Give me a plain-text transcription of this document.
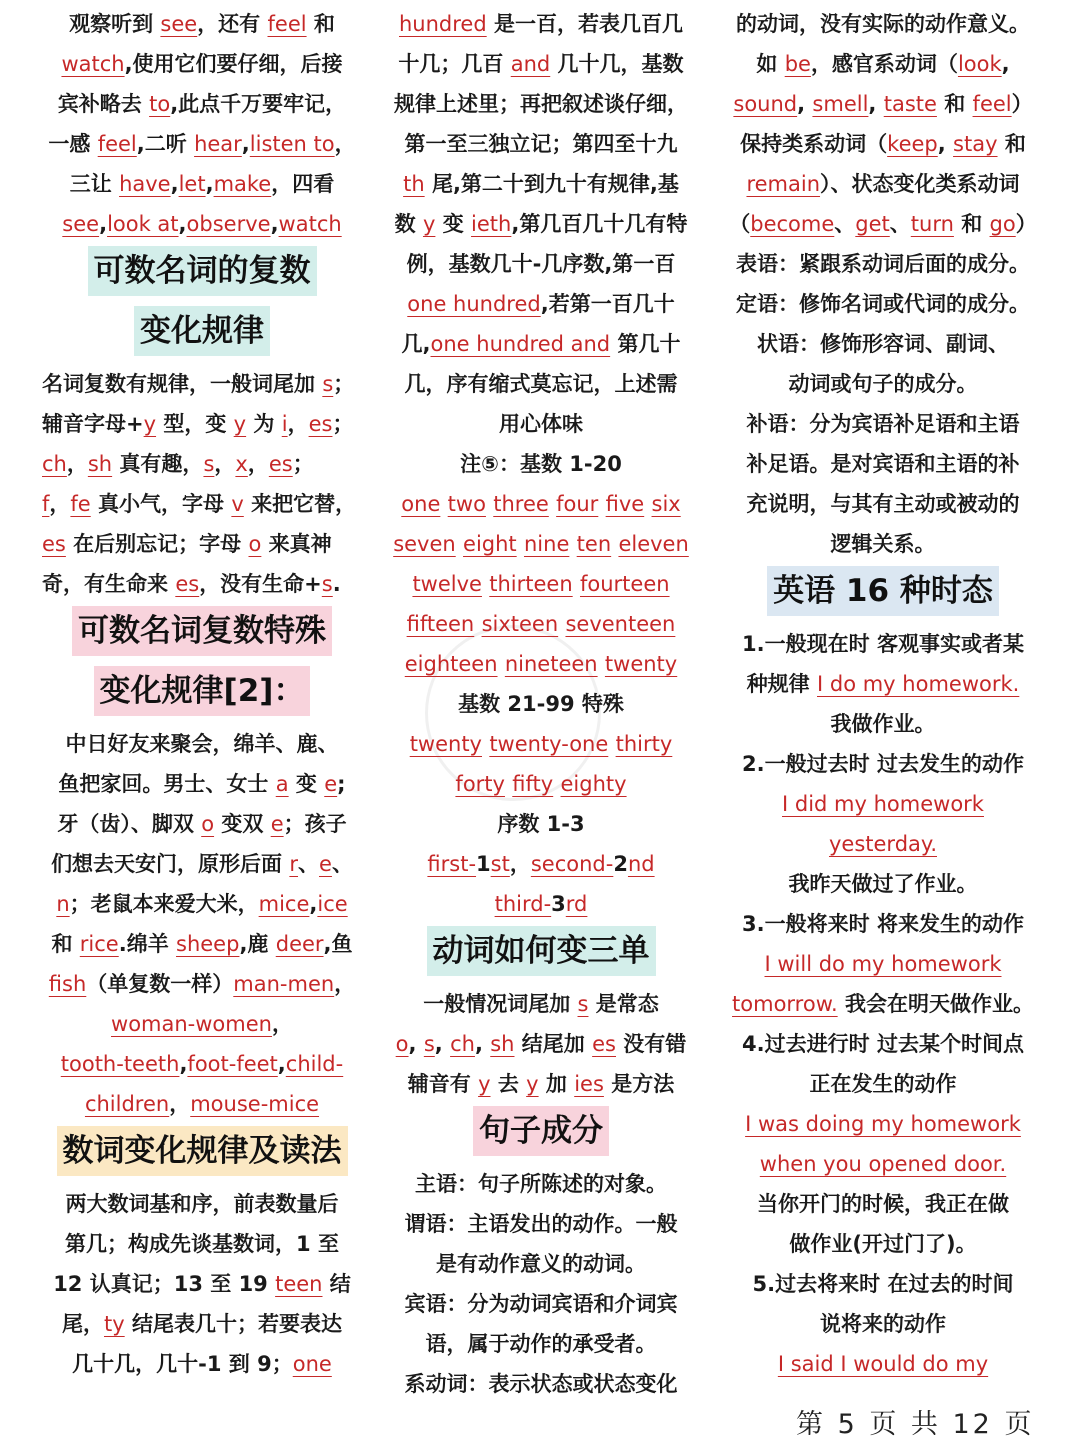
观察听到 see，还有 feel 和
watch,使用它们要仔细，后接
宾补略去 to,此点千万要牢记，
一感 feel,二听 hear,listen to，
三让 have,let,make，四看
see,look at,observe,watch
可数名词的复数
变化规律
名词复数有规律，一般词尾加 s；
辅音字母+y 型，变 y 为 i，es；
ch，sh 真有趣，s，x，es；
f，fe 真小气，字母 v 来把它替，
es 在后别忘记；字母 o 来真神
奇，有生命来 es，没有生命+s.
可数名词复数特殊
变化规律[2]：
中日好友来聚会，绵羊、鹿、
鱼把家回。男士、女士 a 变 e;
牙（齿）、脚双 o 变双 e；孩子
们想去天安门，原形后面 r、e、
n；老鼠本来爱大米，mice,ice
和 rice.绵羊 sheep,鹿 deer,鱼
fish（单复数一样）man-men，
woman-women，
tooth-teeth,foot-feet,child-
children，mouse-mice
数词变化规律及读法
两大数词基和序，前表数量后
第几；构成先谈基数词，1 至
12 认真记；13 至 19 teen 结
尾，ty 结尾表几十；若要表达
几十几，几十-1 到 9；one
hundred 是一百，若表几百几
十几；几百 and 几十几，基数
规律上述里；再把叙述谈仔细，
第一至三独立记；第四至十九
th 尾,第二十到九十有规律,基
数 y 变 ieth,第几百几十几有特
例，基数几十-几序数,第一百
one hundred,若第一百几十
几,one hundred and 第几十
几，序有缩式莫忘记，上述需
用心体味
注⑤：基数 1-20
one two three four five six
seven eight nine ten eleven
twelve thirteen fourteen
fifteen sixteen seventeen
eighteen nineteen twenty
基数 21-99 特殊
twenty twenty-one thirty
forty fifty eighty
序数 1-3
first-1st，second-2nd
third-3rd
动词如何变三单
一般情况词尾加 s 是常态
o, s, ch, sh 结尾加 es 没有错
辅音有 y 去 y 加 ies 是方法
句子成分
主语：句子所陈述的对象。
谓语：主语发出的动作。一般
是有动作意义的动词。
宾语：分为动词宾语和介词宾
语，属于动作的承受者。
系动词：表示状态或状态变化
的动词，没有实际的动作意义。
如 be，感官系动词（look,
sound, smell, taste 和 feel）
保持类系动词（keep, stay 和
remain）、状态变化类系动词
（become、get、turn 和 go）
表语：紧跟系动词后面的成分。
定语：修饰名词或代词的成分。
状语：修饰形容词、副词、
动词或句子的成分。
补语：分为宾语补足语和主语
补足语。是对宾语和主语的补
充说明，与其有主动或被动的
逻辑关系。
英语 16 种时态
1.一般现在时 客观事实或者某
种规律 I do my homework.
我做作业。
2.一般过去时 过去发生的动作
I did my homework
yesterday.
我昨天做过了作业。
3.一般将来时 将来发生的动作
I will do my homework
tomorrow. 我会在明天做作业。
4.过去进行时 过去某个时间点
正在发生的动作
I was doing my homework
when you opened door.
当你开门的时候，我正在做
做作业(开过门了)。
5.过去将来时 在过去的时间
说将来的动作
I said I would do my
第 5 页 共 12 页
